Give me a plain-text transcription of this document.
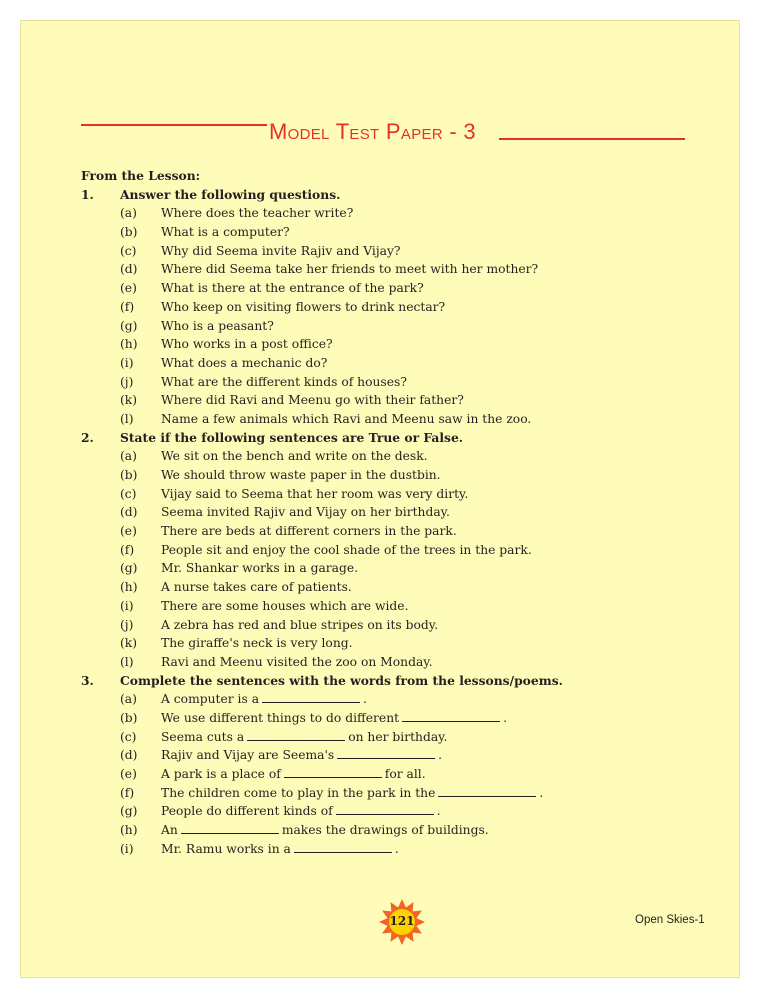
Model Test Paper - 3
From the Lesson:
1. Answer the following questions.
(a) Where does the teacher write?
(b) What is a computer?
(c) Why did Seema invite Rajiv and Vijay?
(d) Where did Seema take her friends to meet with her mother?
(e) What is there at the entrance of the park?
(f) Who keep on visiting flowers to drink nectar?
(g) Who is a peasant?
(h) Who works in a post office?
(i) What does a mechanic do?
(j) What are the different kinds of houses?
(k) Where did Ravi and Meenu go with their father?
(l) Name a few animals which Ravi and Meenu saw in the zoo.
2. State if the following sentences are True or False.
(a) We sit on the bench and write on the desk.
(b) We should throw waste paper in the dustbin.
(c) Vijay said to Seema that her room was very dirty.
(d) Seema invited Rajiv and Vijay on her birthday.
(e) There are beds at different corners in the park.
(f) People sit and enjoy the cool shade of the trees in the park.
(g) Mr. Shankar works in a garage.
(h) A nurse takes care of patients.
(i) There are some houses which are wide.
(j) A zebra has red and blue stripes on its body.
(k) The giraffe's neck is very long.
(l) Ravi and Meenu visited the zoo on Monday.
3. Complete the sentences with the words from the lessons/poems.
(a) A computer is a	.
(b) We use different things to do different	.
(c) Seema cuts a	on her birthday.
(d) Rajiv and Vijay are Seema's	.
(e) A park is a place of	for all.
(f) The children come to play in the park in the	.
(g) People do different kinds of	.
(h) An	makes the drawings of buildings.
(i) Mr. Ramu works in a	.
121	Open Skies-1
